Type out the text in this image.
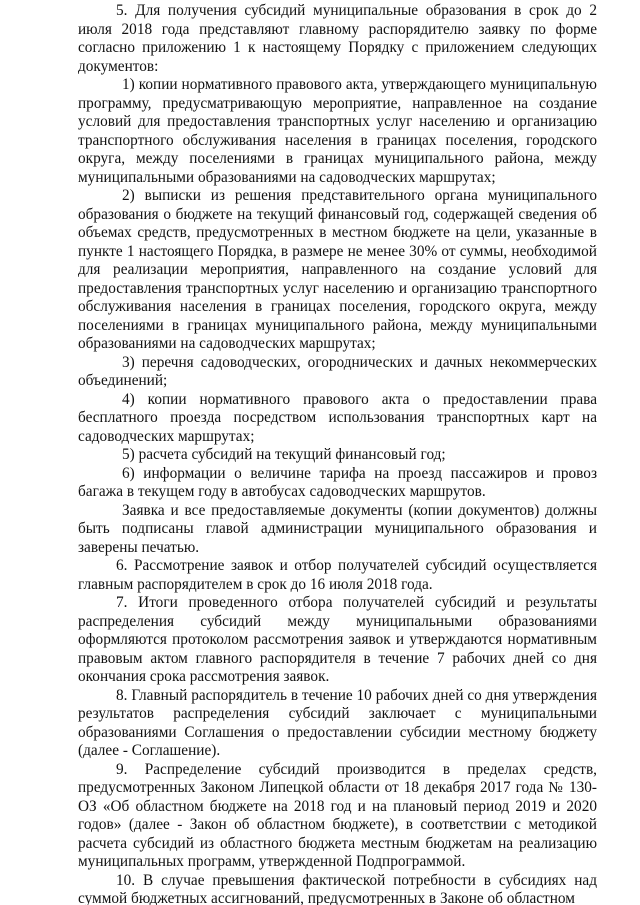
5. Для получения субсидий муниципальные образования в срок до 2 июля 2018 года представляют главному распорядителю заявку по форме согласно приложению 1 к настоящему Порядку с приложением следующих документов:

1) копии нормативного правового акта, утверждающего муниципальную программу, предусматривающую мероприятие, направленное на создание условий для предоставления транспортных услуг населению и организацию транспортного обслуживания населения в границах поселения, городского округа, между поселениями в границах муниципального района, между муниципальными образованиями на садоводческих маршрутах;

2) выписки из решения представительного органа муниципального образования о бюджете на текущий финансовый год, содержащей сведения об объемах средств, предусмотренных в местном бюджете на цели, указанные в пункте 1 настоящего Порядка, в размере не менее 30% от суммы, необходимой для реализации мероприятия, направленного на создание условий для предоставления транспортных услуг населению и организацию транспортного обслуживания населения в границах поселения, городского округа, между поселениями в границах муниципального района, между муниципальными образованиями на садоводческих маршрутах;

3) перечня садоводческих, огороднических и дачных некоммерческих объединений;

4) копии нормативного правового акта о предоставлении права бесплатного проезда посредством использования транспортных карт на садоводческих маршрутах;

5) расчета субсидий на текущий финансовый год;

6) информации о величине тарифа на проезд пассажиров и провоз багажа в текущем году в автобусах садоводческих маршрутов.

Заявка и все предоставляемые документы (копии документов) должны быть подписаны главой администрации муниципального образования и заверены печатью.

6. Рассмотрение заявок и отбор получателей субсидий осуществляется главным распорядителем в срок до 16 июля 2018 года.

7. Итоги проведенного отбора получателей субсидий и результаты распределения субсидий между муниципальными образованиями оформляются протоколом рассмотрения заявок и утверждаются нормативным правовым актом главного распорядителя в течение 7 рабочих дней со дня окончания срока рассмотрения заявок.

8. Главный распорядитель в течение 10 рабочих дней со дня утверждения результатов распределения субсидий заключает с муниципальными образованиями Соглашения о предоставлении субсидии местному бюджету (далее - Соглашение).

9. Распределение субсидий производится в пределах средств, предусмотренных Законом Липецкой области от 18 декабря 2017 года № 130-ОЗ «Об областном бюджете на 2018 год и на плановый период 2019 и 2020 годов» (далее - Закон об областном бюджете), в соответствии с методикой расчета субсидий из областного бюджета местным бюджетам на реализацию муниципальных программ, утвержденной Подпрограммой.

10. В случае превышения фактической потребности в субсидиях над суммой бюджетных ассигнований, предусмотренных в Законе об областном
